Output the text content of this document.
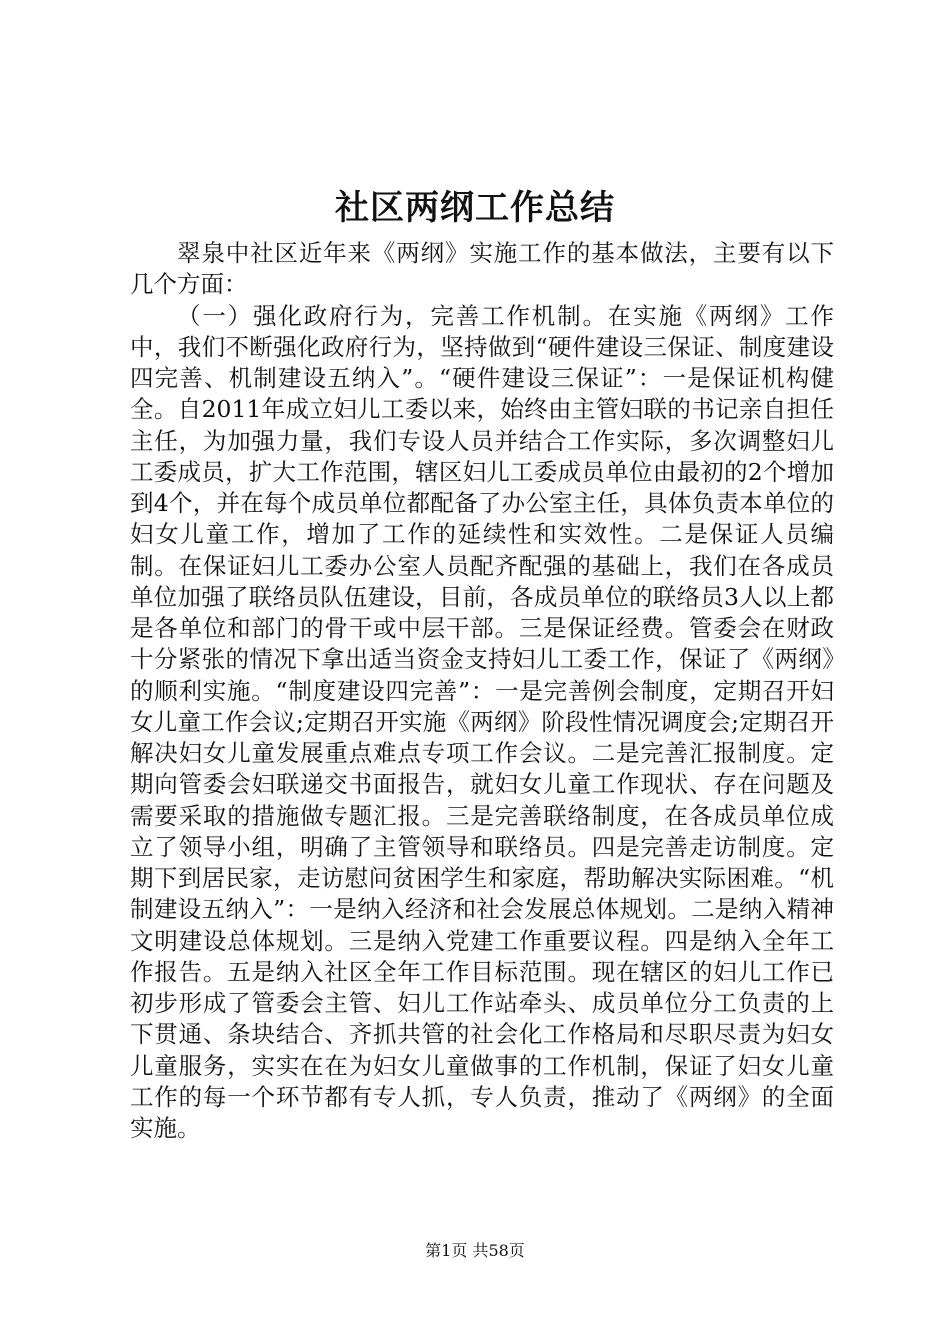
社区两纲工作总结

翠泉中社区近年来《两纲》实施工作的基本做法，主要有以下几个方面：

（一）强化政府行为，完善工作机制。在实施《两纲》工作中，我们不断强化政府行为，坚持做到“硬件建设三保证、制度建设四完善、机制建设五纳入”。“硬件建设三保证”：一是保证机构健全。自2011年成立妇儿工委以来，始终由主管妇联的书记亲自担任主任，为加强力量，我们专设人员并结合工作实际，多次调整妇儿工委成员，扩大工作范围，辖区妇儿工委成员单位由最初的2个增加到4个，并在每个成员单位都配备了办公室主任，具体负责本单位的妇女儿童工作，增加了工作的延续性和实效性。二是保证人员编制。在保证妇儿工委办公室人员配齐配强的基础上，我们在各成员单位加强了联络员队伍建设，目前，各成员单位的联络员3人以上都是各单位和部门的骨干或中层干部。三是保证经费。管委会在财政十分紧张的情况下拿出适当资金支持妇儿工委工作，保证了《两纲》的顺利实施。“制度建设四完善”：一是完善例会制度，定期召开妇女儿童工作会议;定期召开实施《两纲》阶段性情况调度会;定期召开解决妇女儿童发展重点难点专项工作会议。二是完善汇报制度。定期向管委会妇联递交书面报告，就妇女儿童工作现状、存在问题及需要采取的措施做专题汇报。三是完善联络制度，在各成员单位成立了领导小组，明确了主管领导和联络员。四是完善走访制度。定期下到居民家，走访慰问贫困学生和家庭，帮助解决实际困难。“机制建设五纳入”：一是纳入经济和社会发展总体规划。二是纳入精神文明建设总体规划。三是纳入党建工作重要议程。四是纳入全年工作报告。五是纳入社区全年工作目标范围。现在辖区的妇儿工作已初步形成了管委会主管、妇儿工作站牵头、成员单位分工负责的上下贯通、条块结合、齐抓共管的社会化工作格局和尽职尽责为妇女儿童服务，实实在在为妇女儿童做事的工作机制，保证了妇女儿童工作的每一个环节都有专人抓，专人负责，推动了《两纲》的全面实施。

第1页 共58页
